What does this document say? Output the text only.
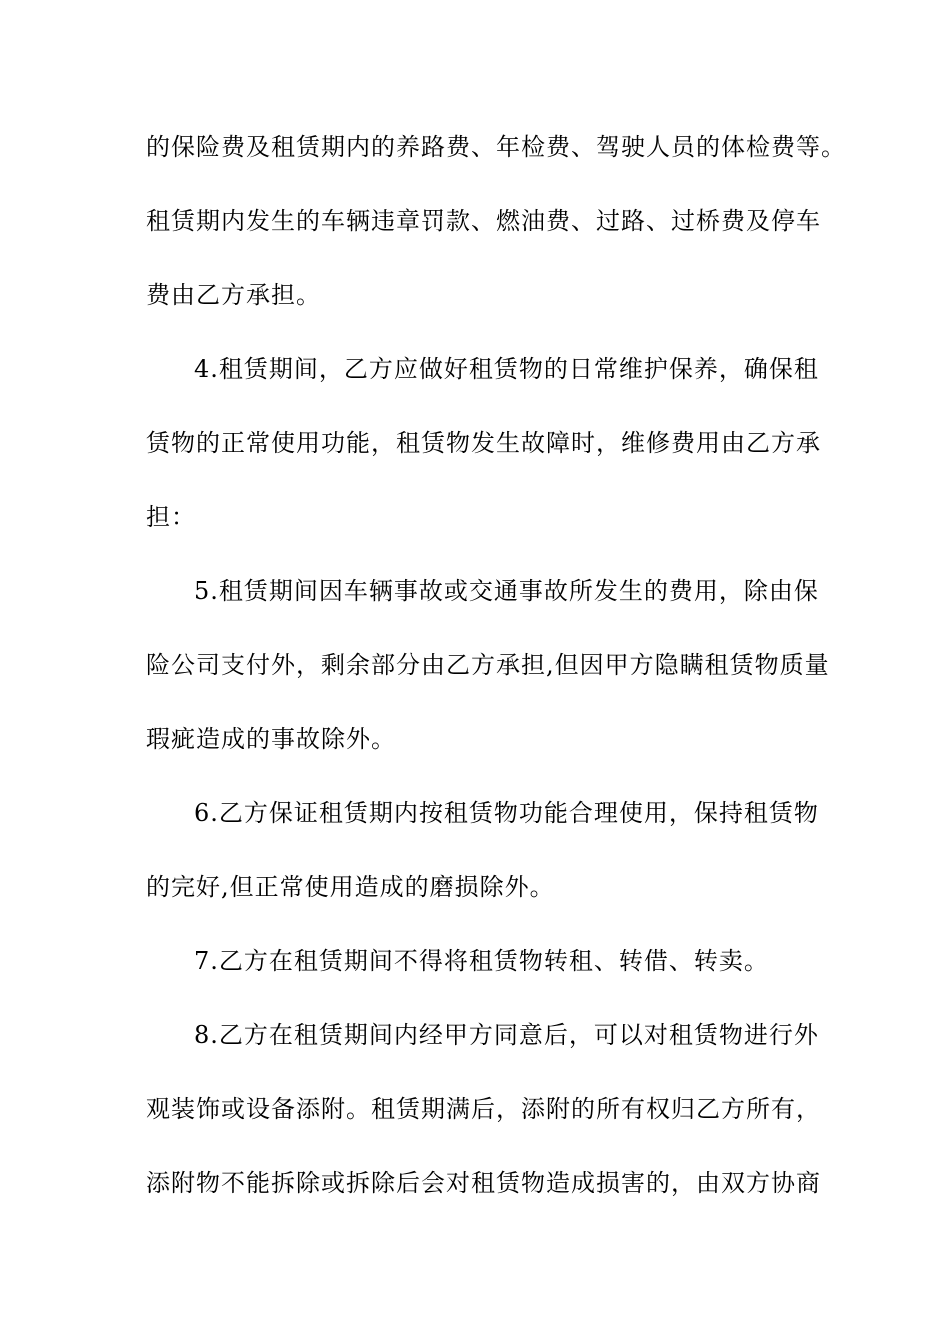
的保险费及租赁期内的养路费、年检费、驾驶人员的体检费等。
租赁期内发生的车辆违章罚款、燃油费、过路、过桥费及停车
费由乙方承担。
4.租赁期间，乙方应做好租赁物的日常维护保养，确保租
赁物的正常使用功能，租赁物发生故障时，维修费用由乙方承
担：
5.租赁期间因车辆事故或交通事故所发生的费用，除由保
险公司支付外，剩余部分由乙方承担,但因甲方隐瞒租赁物质量
瑕疵造成的事故除外。
6.乙方保证租赁期内按租赁物功能合理使用，保持租赁物
的完好,但正常使用造成的磨损除外。
7.乙方在租赁期间不得将租赁物转租、转借、转卖。
8.乙方在租赁期间内经甲方同意后，可以对租赁物进行外
观装饰或设备添附。租赁期满后，添附的所有权归乙方所有，
添附物不能拆除或拆除后会对租赁物造成损害的，由双方协商
